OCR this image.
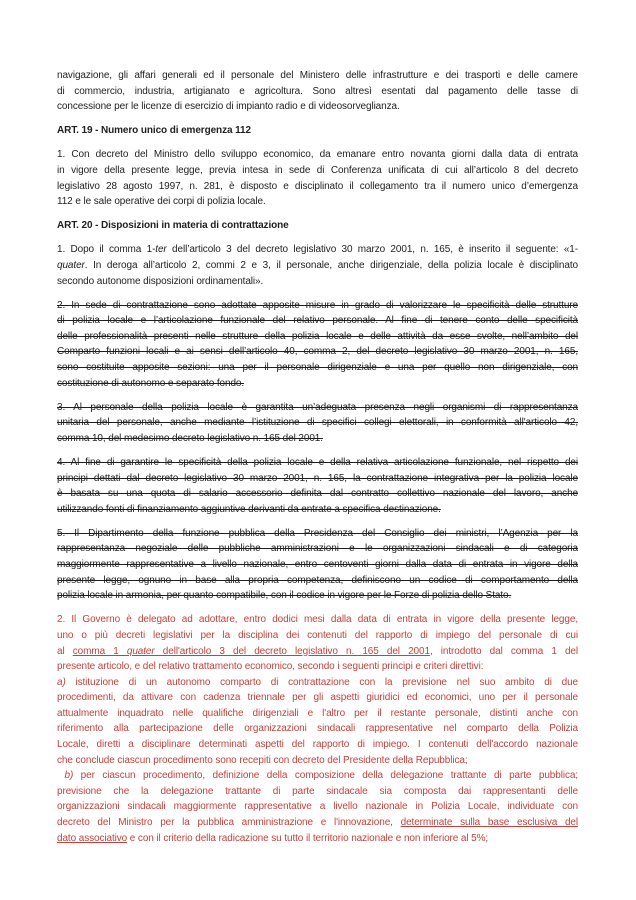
navigazione, gli affari generali ed il personale del Ministero delle infrastrutture e dei trasporti e delle camere
di commercio, industria, artigianato e agricoltura. Sono altresì esentati dal pagamento delle tasse di
concessione per le licenze di esercizio di impianto radio e di videosorveglianza.
ART. 19 - Numero unico di emergenza 112
1. Con decreto del Ministro dello sviluppo economico, da emanare entro novanta giorni dalla data di entrata
in vigore della presente legge, previa intesa in sede di Conferenza unificata di cui all’articolo 8 del decreto
legislativo 28 agosto 1997, n. 281, è disposto e disciplinato il collegamento tra il numero unico d’emergenza
112 e le sale operative dei corpi di polizia locale.
ART. 20 - Disposizioni in materia di contrattazione
1. Dopo il comma 1-ter dell’articolo 3 del decreto legislativo 30 marzo 2001, n. 165, è inserito il seguente: «1-
quater. In deroga all’articolo 2, commi 2 e 3, il personale, anche dirigenziale, della polizia locale è disciplinato
secondo autonome disposizioni ordinamentali».
2. In sede di contrattazione sono adottate apposite misure in grado di valorizzare le specificità delle strutture
di polizia locale e l’articolazione funzionale del relativo personale. Al fine di tenere conto delle specificità
delle professionalità presenti nelle strutture della polizia locale e delle attività da esse svolte, nell’ambito del
Comparto funzioni locali e ai sensi dell’articolo 40, comma 2, del decreto legislativo 30 marzo 2001, n. 165,
sono costituite apposite sezioni: una per il personale dirigenziale e una per quello non dirigenziale, con
costituzione di autonomo e separato fondo.
3. Al personale della polizia locale è garantita un’adeguata presenza negli organismi di rappresentanza
unitaria del personale, anche mediante l’istituzione di specifici collegi elettorali, in conformità all'articolo 42,
comma 10, del medesimo decreto legislativo n. 165 del 2001.
4. Al fine di garantire le specificità della polizia locale e della relativa articolazione funzionale, nel rispetto dei
principi dettati dal decreto legislativo 30 marzo 2001, n. 165, la contrattazione integrativa per la polizia locale
è basata su una quota di salario accessorio definita dal contratto collettivo nazionale del lavoro, anche
utilizzando fonti di finanziamento aggiuntive derivanti da entrate a specifica destinazione.
5. Il Dipartimento della funzione pubblica della Presidenza del Consiglio dei ministri, l’Agenzia per la
rappresentanza negoziale delle pubbliche amministrazioni e le organizzazioni sindacali e di categoria
maggiormente rappresentative a livello nazionale, entro centoventi giorni dalla data di entrata in vigore della
presente legge, ognuno in base alla propria competenza, definiscono un codice di comportamento della
polizia locale in armonia, per quanto compatibile, con il codice in vigore per le Forze di polizia dello Stato.
2. Il Governo è delegato ad adottare, entro dodici mesi dalla data di entrata in vigore della presente legge,
uno o più decreti legislativi per la disciplina dei contenuti del rapporto di impiego del personale di cui
al comma 1 quater dell'articolo 3 del decreto legislativo n. 165 del 2001, introdotto dal comma 1 del
presente articolo, e del relativo trattamento economico, secondo i seguenti principi e criteri direttivi:
a) istituzione di un autonomo comparto di contrattazione con la previsione nel suo ambito di due
procedimenti, da attivare con cadenza triennale per gli aspetti giuridici ed economici, uno per il personale
attualmente inquadrato nelle qualifiche dirigenziali e l'altro per il restante personale, distinti anche con
riferimento alla partecipazione delle organizzazioni sindacali rappresentative nel comparto della Polizia
Locale, diretti a disciplinare determinati aspetti del rapporto di impiego. I contenuti dell'accordo nazionale
che conclude ciascun procedimento sono recepiti con decreto del Presidente della Repubblica;
b) per ciascun procedimento, definizione della composizione della delegazione trattante di parte pubblica;
previsione che la delegazione trattante di parte sindacale sia composta dai rappresentanti delle
organizzazioni sindacali maggiormente rappresentative a livello nazionale in Polizia Locale, individuate con
decreto del Ministro per la pubblica amministrazione e l'innovazione, determinate sulla base esclusiva del
dato associativo e con il criterio della radicazione su tutto il territorio nazionale e non inferiore al 5%;
